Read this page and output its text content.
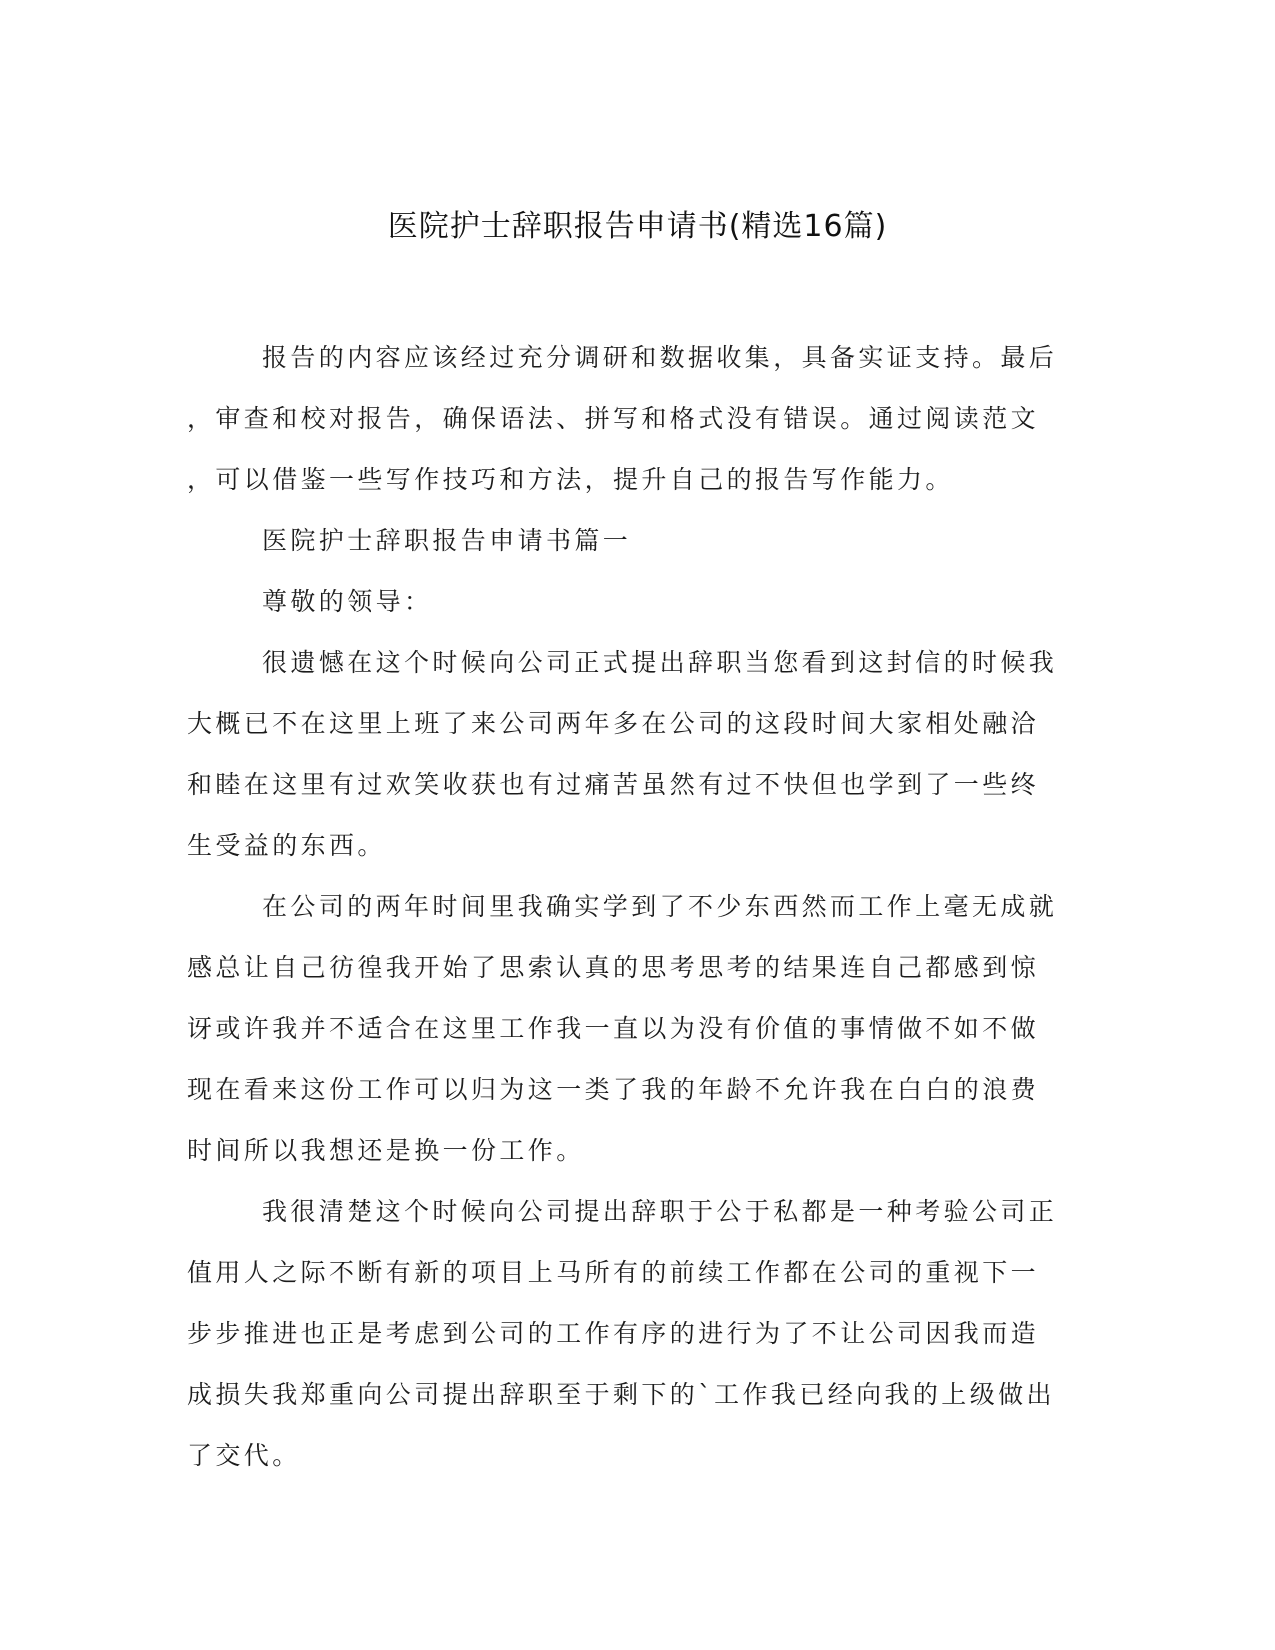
医院护士辞职报告申请书(精选16篇)
报告的内容应该经过充分调研和数据收集，具备实证支持。最后
，审查和校对报告，确保语法、拼写和格式没有错误。通过阅读范文
，可以借鉴一些写作技巧和方法，提升自己的报告写作能力。
医院护士辞职报告申请书篇一
尊敬的领导：
很遗憾在这个时候向公司正式提出辞职当您看到这封信的时候我
大概已不在这里上班了来公司两年多在公司的这段时间大家相处融洽
和睦在这里有过欢笑收获也有过痛苦虽然有过不快但也学到了一些终
生受益的东西。
在公司的两年时间里我确实学到了不少东西然而工作上毫无成就
感总让自己彷徨我开始了思索认真的思考思考的结果连自己都感到惊
讶或许我并不适合在这里工作我一直以为没有价值的事情做不如不做
现在看来这份工作可以归为这一类了我的年龄不允许我在白白的浪费
时间所以我想还是换一份工作。
我很清楚这个时候向公司提出辞职于公于私都是一种考验公司正
值用人之际不断有新的项目上马所有的前续工作都在公司的重视下一
步步推进也正是考虑到公司的工作有序的进行为了不让公司因我而造
成损失我郑重向公司提出辞职至于剩下的`工作我已经向我的上级做出
了交代。
